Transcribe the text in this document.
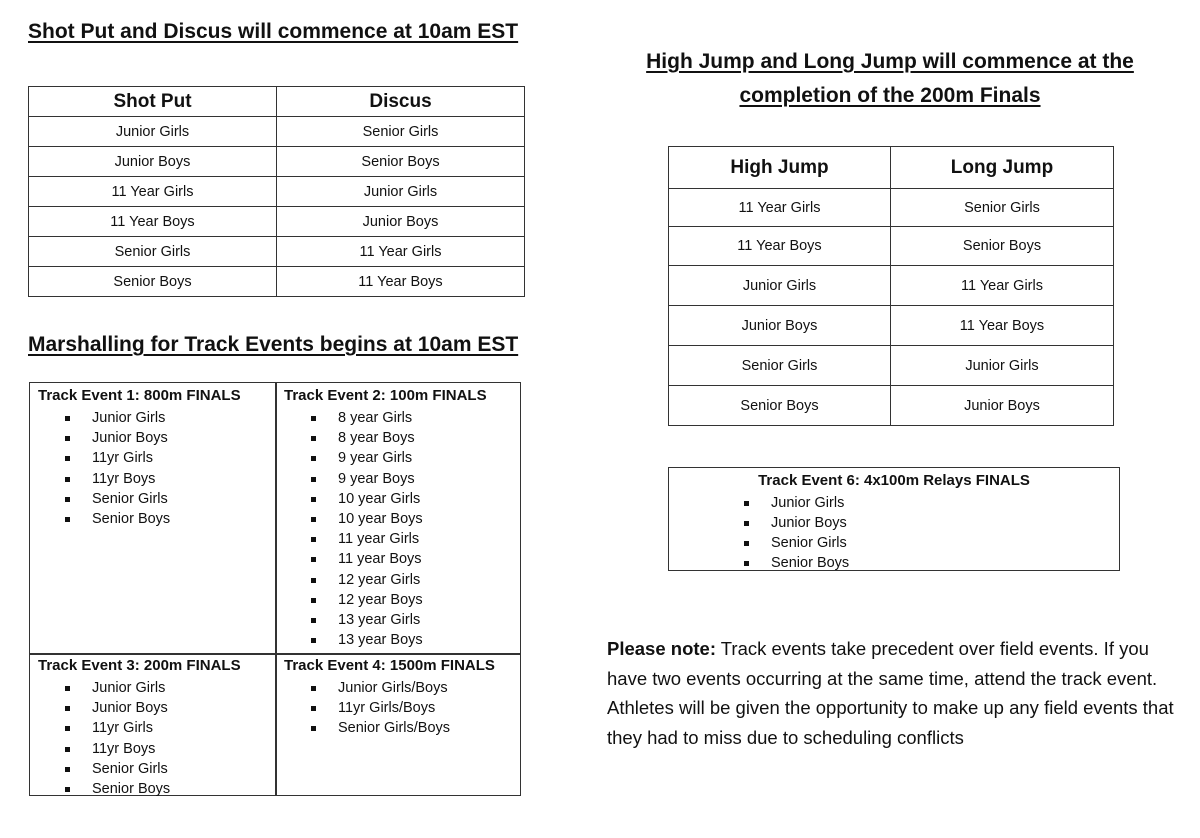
Shot Put and Discus will commence at 10am EST
Shot Put	Discus
Junior Girls	Senior Girls
Junior Boys	Senior Boys
11 Year Girls	Junior Girls
11 Year Boys	Junior Boys
Senior Girls	11 Year Girls
Senior Boys	11 Year Boys
Marshalling for Track Events begins at 10am EST
Track Event 1: 800m FINALS
Junior Girls
Junior Boys
11yr Girls
11yr Boys
Senior Girls
Senior Boys
Track Event 2: 100m FINALS
8 year Girls
8 year Boys
9 year Girls
9 year Boys
10 year Girls
10 year Boys
11 year Girls
11 year Boys
12 year Girls
12 year Boys
13 year Girls
13 year Boys
Track Event 3: 200m FINALS
Junior Girls
Junior Boys
11yr Girls
11yr Boys
Senior Girls
Senior Boys
Track Event 4: 1500m FINALS
Junior Girls/Boys
11yr Girls/Boys
Senior Girls/Boys
High Jump and Long Jump will commence at the
completion of the 200m Finals
High Jump	Long Jump
11 Year Girls	Senior Girls
11 Year Boys	Senior Boys
Junior Girls	11 Year Girls
Junior Boys	11 Year Boys
Senior Girls	Junior Girls
Senior Boys	Junior Boys
Track Event 6: 4x100m Relays FINALS
Junior Girls
Junior Boys
Senior Girls
Senior Boys
Please note: Track events take precedent over field events. If you have two events occurring at the same time, attend the track event. Athletes will be given the opportunity to make up any field events that they had to miss due to scheduling conflicts
